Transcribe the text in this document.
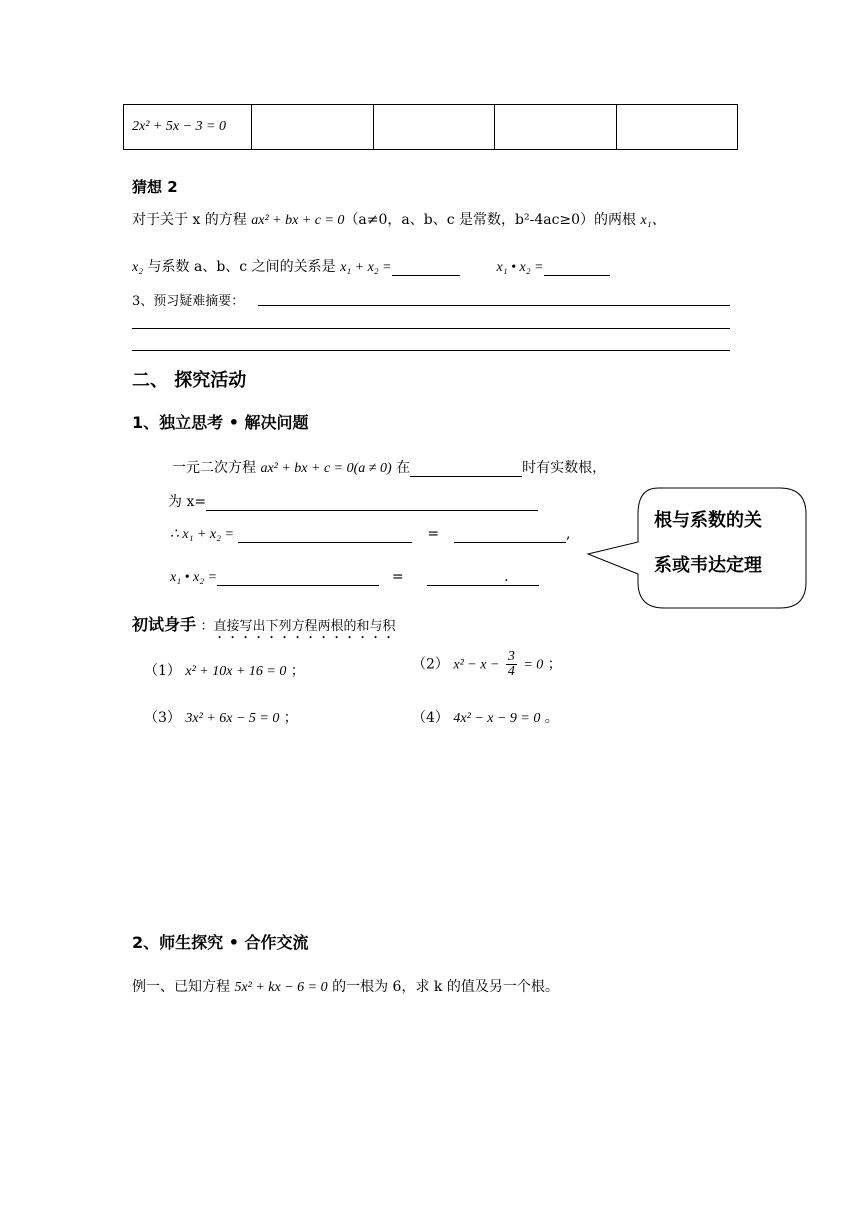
2x² + 5x − 3 = 0				
猜想 2
对于关于 x 的方程 ax² + bx + c = 0（a≠0，a、b、c 是常数，b²-4ac≥0）的两根 x₁、
x₂ 与系数 a、b、c 之间的关系是 x₁ + x₂ =	x₁ • x₂ =
3、预习疑难摘要：
二、 探究活动
1、独立思考 • 解决问题
一元二次方程 ax² + bx + c = 0(a ≠ 0) 在	时有实数根，
为 x=
∴ x₁ + x₂ =	=	,
x₁ • x₂ =	=	.
根与系数的关
系或韦达定理
初试身手 ：直接写出下列方程两根的和与积
（1） x² + 10x + 16 = 0 ；	（2） $x^2 - x - \frac{3}{4} = 0$ ；
（3） 3x² + 6x − 5 = 0 ；	（4） 4x² − x − 9 = 0 。
2、师生探究 • 合作交流
例一、已知方程 5x² + kx − 6 = 0 的一根为 6，求 k 的值及另一个根。
